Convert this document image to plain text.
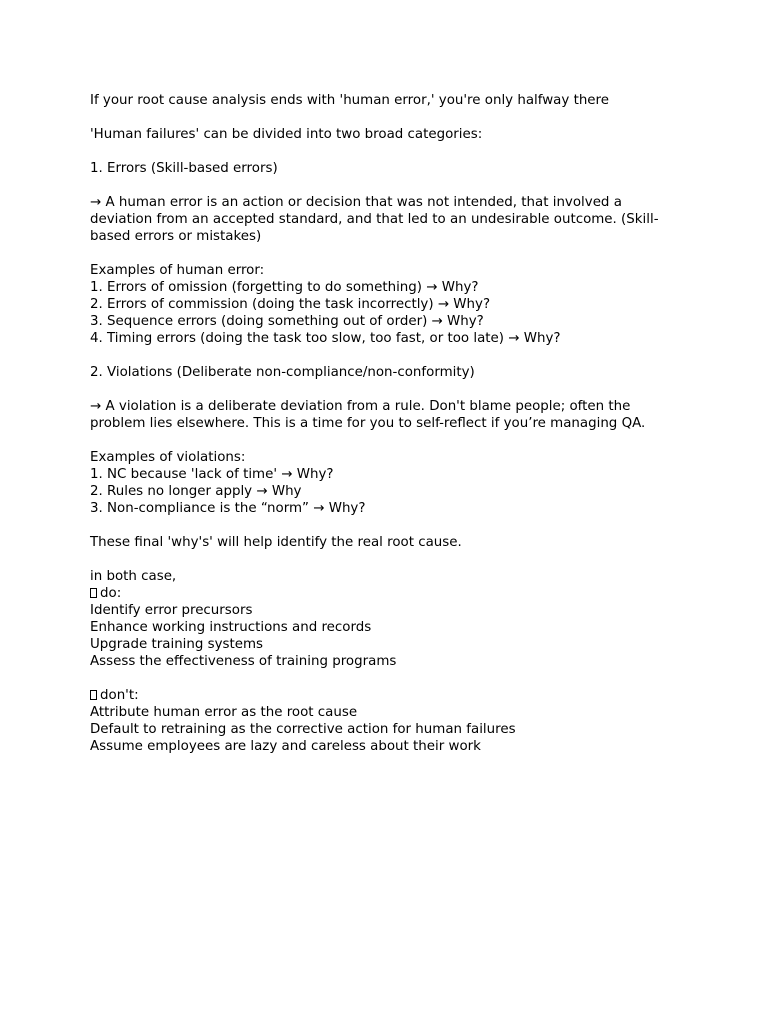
If your root cause analysis ends with 'human error,' you're only halfway there
'Human failures' can be divided into two broad categories:
1. Errors (Skill-based errors)
→ A human error is an action or decision that was not intended, that involved a deviation from an accepted standard, and that led to an undesirable outcome. (Skill-based errors or mistakes)
Examples of human error:
1. Errors of omission (forgetting to do something) → Why?
2. Errors of commission (doing the task incorrectly) → Why?
3. Sequence errors (doing something out of order) → Why?
4. Timing errors (doing the task too slow, too fast, or too late) → Why?
2. Violations (Deliberate non-compliance/non-conformity)
→ A violation is a deliberate deviation from a rule. Don't blame people; often the problem lies elsewhere. This is a time for you to self-reflect if you’re managing QA.
Examples of violations:
1. NC because 'lack of time' → Why?
2. Rules no longer apply → Why
3. Non-compliance is the “norm” → Why?
These final 'why's' will help identify the real root cause.
in both case,
do:
Identify error precursors
Enhance working instructions and records
Upgrade training systems
Assess the effectiveness of training programs
don't:
Attribute human error as the root cause
Default to retraining as the corrective action for human failures
Assume employees are lazy and careless about their work
